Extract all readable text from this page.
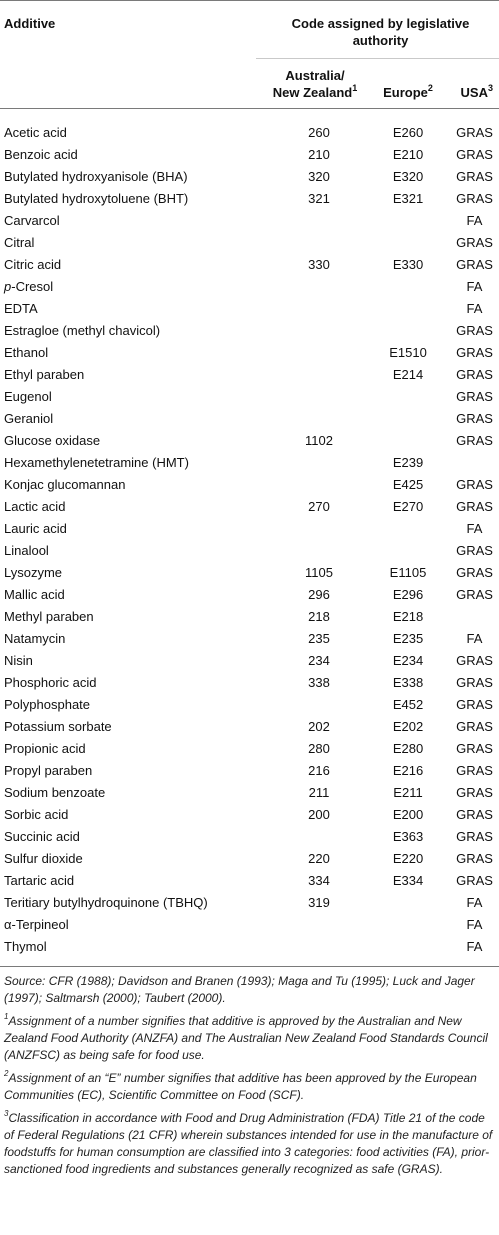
Additive	Code assigned by legislative authority		
	Australia/
New Zealand$^1$	Europe$^2$	USA$^3$
Acetic acid	260	E260	GRAS
Benzoic acid	210	E210	GRAS
Butylated hydroxyanisole (BHA)	320	E320	GRAS
Butylated hydroxytoluene (BHT)	321	E321	GRAS
Carvarcol			FA
Citral			GRAS
Citric acid	330	E330	GRAS
p-Cresol			FA
EDTA			FA
Estragloe (methyl chavicol)			GRAS
Ethanol		E1510	GRAS
Ethyl paraben		E214	GRAS
Eugenol			GRAS
Geraniol			GRAS
Glucose oxidase	1102		GRAS
Hexamethylenetetramine (HMT)		E239	
Konjac glucomannan		E425	GRAS
Lactic acid	270	E270	GRAS
Lauric acid			FA
Linalool			GRAS
Lysozyme	1105	E1105	GRAS
Mallic acid	296	E296	GRAS
Methyl paraben	218	E218	
Natamycin	235	E235	FA
Nisin	234	E234	GRAS
Phosphoric acid	338	E338	GRAS
Polyphosphate		E452	GRAS
Potassium sorbate	202	E202	GRAS
Propionic acid	280	E280	GRAS
Propyl paraben	216	E216	GRAS
Sodium benzoate	211	E211	GRAS
Sorbic acid	200	E200	GRAS
Succinic acid		E363	GRAS
Sulfur dioxide	220	E220	GRAS
Tartaric acid	334	E334	GRAS
Teritiary butylhydroquinone (TBHQ)	319		FA
α-Terpineol			FA
Thymol			FA

Source: CFR (1988); Davidson and Branen (1993); Maga and Tu (1995); Luck and Jager (1997); Saltmarsh (2000); Taubert (2000).

$^1$Assignment of a number signifies that additive is approved by the Australian and New Zealand Food Authority (ANZFA) and The Australian New Zealand Food Standards Council (ANZFSC) as being safe for food use.

$^2$Assignment of an “E” number signifies that additive has been approved by the European Communities (EC), Scientific Committee on Food (SCF).

$^3$Classification in accordance with Food and Drug Administration (FDA) Title 21 of the code of Federal Regulations (21 CFR) wherein substances intended for use in the manufacture of foodstuffs for human consumption are classified into 3 categories: food activities (FA), prior-sanctioned food ingredients and substances generally recognized as safe (GRAS).
